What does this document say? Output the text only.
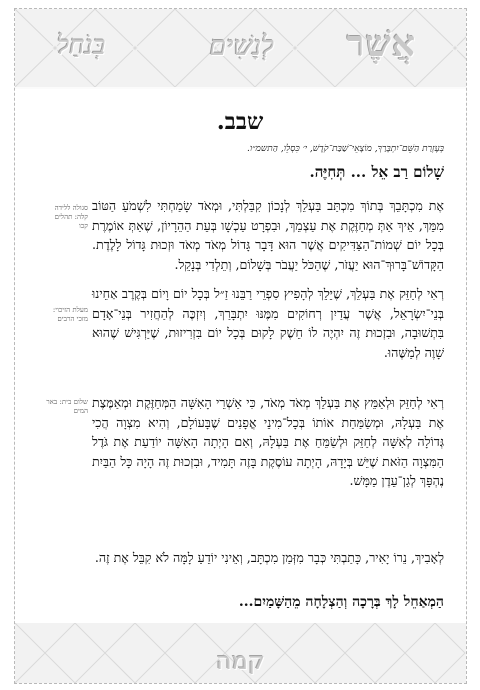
אֲשֶׁר
לְנָשִׁים
בְּנֹחַל
קמה
שבב.
בְּעֶזְרַת הַשֵּׁם־יִתְבָּרַךְ, מוֹצָאֵי־שַׁבַּת־קֹדֶשׁ, י׳ כִּסְלֵו, הַתשמ״ו.
שָׁלוֹם רַב אֵל ... תְּחִיֶּה.
אֶת מִכְתָּבֵךְ בְּתוֹךְ מִכְתַּב בַּעְלֵךְ לְנָכוֹן קִבַּלְתִּי, וּמְאֹד שָׂמַחְתִּי לִשְׁמֹעַ הַטּוֹב מִמֵּךְ, אֵיךְ אַתְּ מְחַזֶּקֶת אֶת עַצְמֵךְ, וּבִפְרָט עַכְשָׁו בְּעֵת הַהֵרָיוֹן, שֶׁאַתְּ אוֹמֶרֶת בְּכָל יוֹם שְׁמוֹת־הַצַּדִּיקִים אֲשֶׁר הוּא דָּבָר גָּדוֹל מְאֹד מְאֹד וּזְכוּת גָּדוֹל לָלֶדֶת. הַקָּדוֹשׁ־בָּרוּךְ־הוּא יַעֲזֹר, שֶׁהַכֹּל יַעֲבֹר בְּשָׁלוֹם, וְתֵלְדִי בְּנָקֵל.
רְאִי לְחַזֵּק אֶת בַּעְלֵךְ, שֶׁיֵּלֵךְ לְהָפִיץ סִפְרֵי רַבֵּנוּ זַ״ל בְּכָל יוֹם וָיוֹם בְּקֶרֶב אַחֵינוּ בְּנֵי־יִשְׂרָאֵל, אֲשֶׁר עֲדַיִן רְחוֹקִים מִמֶּנּוּ יִתְבָּרַךְ, וְיִזְכֶּה לְהַחֲזִיר בְּנֵי־אָדָם בִּתְשׁוּבָה, וּבִזְכוּת זֶה יִהְיֶה לוֹ חֵשֶׁק לָקוּם בְּכָל יוֹם בִּזְרִיזוּת, שֶׁיַּרְגִּישׁ שֶׁהוּא שָׁוֶה לְמַשֶּׁהוּ.
רְאִי לְחַזֵּק וּלְאַמֵּץ אֶת בַּעְלֵךְ מְאֹד מְאֹד, כִּי אַשְׁרֵי הָאִשָּׁה הַמְּחַזֶּקֶת וּמְאַמֶּצֶת אֶת בַּעְלָהּ, וּמְשַׂמַּחַת אוֹתוֹ בְּכָל־מִינֵי אֳפָנִים שֶׁבָּעוֹלָם, וְהִיא מִצְוָה הֲכִי גְּדוֹלָה לְאִשָּׁה לְחַזֵּק וּלְשַׂמֵּחַ אֶת בַּעְלָהּ, וְאִם הָיְתָה הָאִשָּׁה יוֹדַעַת אֶת גֹּדֶל הַמִּצְוָה הַזֹּאת שֶׁיֵּשׁ בְּיָדָהּ, הָיְתָה עוֹסֶקֶת בָּזֶה תָּמִיד, וּבִזְכוּת זֶה הָיָה כָּל הַבַּיִת נֶהְפָּךְ לְגַן־עֵדֶן מַמָּשׁ.
לְאָבִיךְ, נֵרוֹ יָאִיר, כָּתַבְתִּי כְּבָר מִזְּמַן מִכְתָּב, וְאֵינִי יוֹדֵעַ לָמָּה לֹא קִבֵּל אֶת זֶה.
הַמְאַחֵל לָךְ בְּרָכָה וְהַצְלָחָה מֵהַשָּׁמַיִם...
סגולה ללידה קלה: תהלים קכו
מעלת הזיכוי: מזכי הרבים
שלום בית: באר המים
